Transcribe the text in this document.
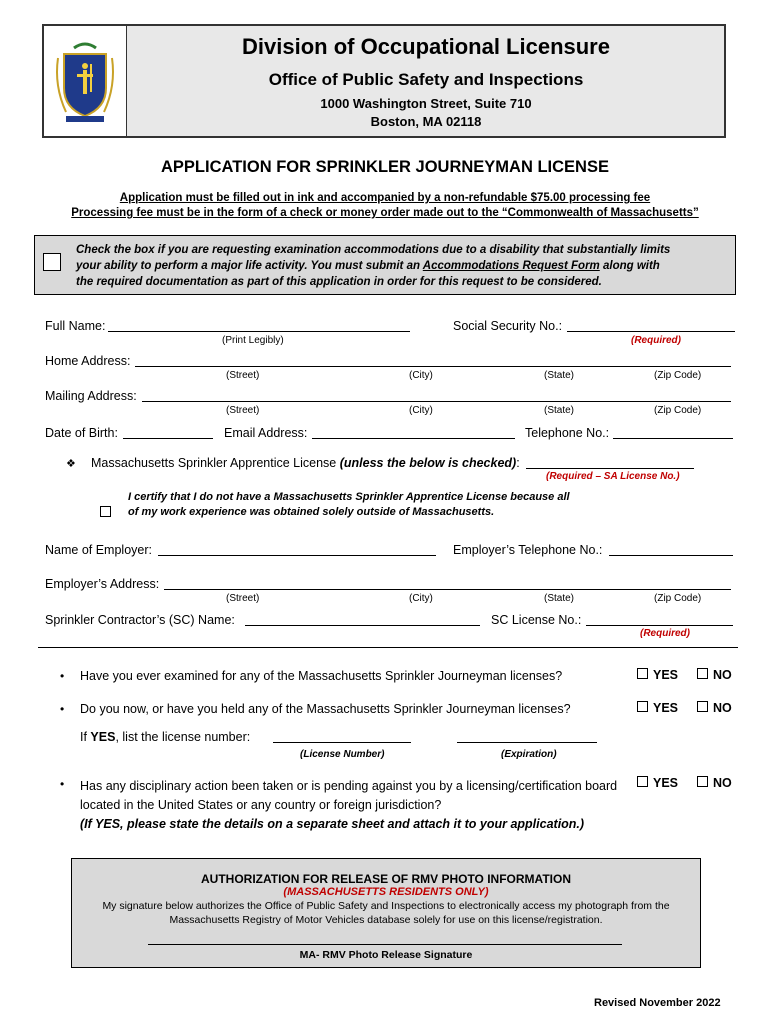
Division of Occupational Licensure
Office of Public Safety and Inspections
1000 Washington Street, Suite 710
Boston, MA 02118
APPLICATION FOR SPRINKLER JOURNEYMAN LICENSE
Application must be filled out in ink and accompanied by a non-refundable $75.00 processing fee
Processing fee must be in the form of a check or money order made out to the “Commonwealth of Massachusetts”
Check the box if you are requesting examination accommodations due to a disability that substantially limits
your ability to perform a major life activity. You must submit an Accommodations Request Form along with
the required documentation as part of this application in order for this request to be considered.
Full Name:
(Print Legibly)
Social Security No.:
(Required)
Home Address:
(Street)	(City)	(State)	(Zip Code)
Mailing Address:
(Street)	(City)	(State)	(Zip Code)
Date of Birth:	Email Address:	Telephone No.:
❖ Massachusetts Sprinkler Apprentice License (unless the below is checked):
(Required – SA License No.)
I certify that I do not have a Massachusetts Sprinkler Apprentice License because all
of my work experience was obtained solely outside of Massachusetts.
Name of Employer:	Employer’s Telephone No.:
Employer’s Address:
(Street)	(City)	(State)	(Zip Code)
Sprinkler Contractor’s (SC) Name:	SC License No.:
(Required)
• Have you ever examined for any of the Massachusetts Sprinkler Journeyman licenses?	YES	NO
• Do you now, or have you held any of the Massachusetts Sprinkler Journeyman licenses?	YES	NO
If YES, list the license number:
(License Number)	(Expiration)
• Has any disciplinary action been taken or is pending against you by a licensing/certification board
located in the United States or any country or foreign jurisdiction?
(If YES, please state the details on a separate sheet and attach it to your application.)
YES	NO
AUTHORIZATION FOR RELEASE OF RMV PHOTO INFORMATION
(MASSACHUSETTS RESIDENTS ONLY)
My signature below authorizes the Office of Public Safety and Inspections to electronically access my photograph from the
Massachusetts Registry of Motor Vehicles database solely for use on this license/registration.
MA- RMV Photo Release Signature
Revised November 2022
